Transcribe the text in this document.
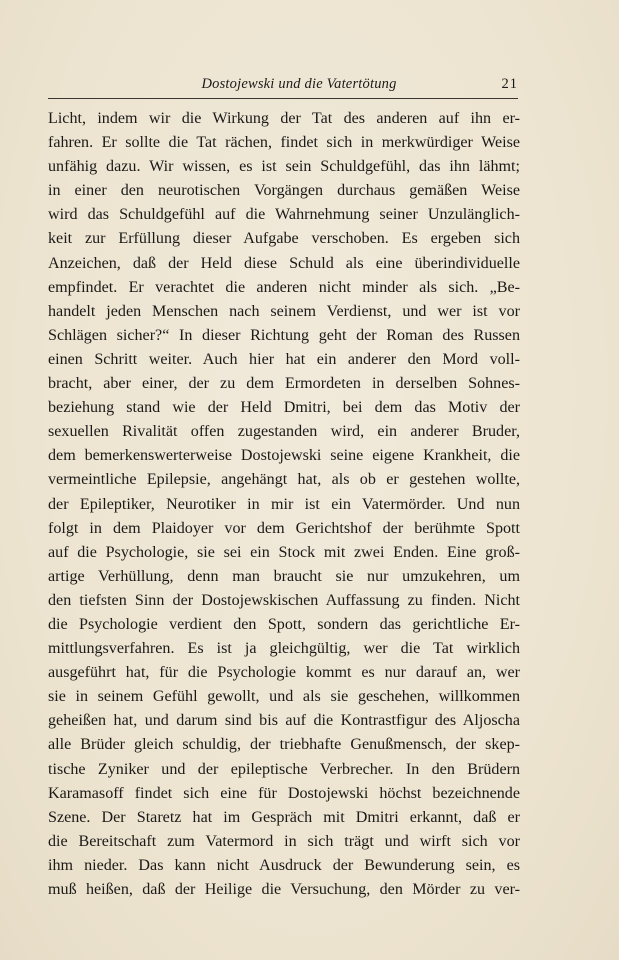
Dostojewski und die Vatertötung	21
Licht, indem wir die Wirkung der Tat des anderen auf ihn er-
fahren. Er sollte die Tat rächen, findet sich in merkwürdiger Weise
unfähig dazu. Wir wissen, es ist sein Schuldgefühl, das ihn lähmt;
in einer den neurotischen Vorgängen durchaus gemäßen Weise
wird das Schuldgefühl auf die Wahrnehmung seiner Unzulänglich-
keit zur Erfüllung dieser Aufgabe verschoben. Es ergeben sich
Anzeichen, daß der Held diese Schuld als eine überindividuelle
empfindet. Er verachtet die anderen nicht minder als sich. „Be-
handelt jeden Menschen nach seinem Verdienst, und wer ist vor
Schlägen sicher?“ In dieser Richtung geht der Roman des Russen
einen Schritt weiter. Auch hier hat ein anderer den Mord voll-
bracht, aber einer, der zu dem Ermordeten in derselben Sohnes-
beziehung stand wie der Held Dmitri, bei dem das Motiv der
sexuellen Rivalität offen zugestanden wird, ein anderer Bruder,
dem bemerkenswerterweise Dostojewski seine eigene Krankheit, die
vermeintliche Epilepsie, angehängt hat, als ob er gestehen wollte,
der Epileptiker, Neurotiker in mir ist ein Vatermörder. Und nun
folgt in dem Plaidoyer vor dem Gerichtshof der berühmte Spott
auf die Psychologie, sie sei ein Stock mit zwei Enden. Eine groß-
artige Verhüllung, denn man braucht sie nur umzukehren, um
den tiefsten Sinn der Dostojewskischen Auffassung zu finden. Nicht
die Psychologie verdient den Spott, sondern das gerichtliche Er-
mittlungsverfahren. Es ist ja gleichgültig, wer die Tat wirklich
ausgeführt hat, für die Psychologie kommt es nur darauf an, wer
sie in seinem Gefühl gewollt, und als sie geschehen, willkommen
geheißen hat, und darum sind bis auf die Kontrastfigur des Aljoscha
alle Brüder gleich schuldig, der triebhafte Genußmensch, der skep-
tische Zyniker und der epileptische Verbrecher. In den Brüdern
Karamasoff findet sich eine für Dostojewski höchst bezeichnende
Szene. Der Staretz hat im Gespräch mit Dmitri erkannt, daß er
die Bereitschaft zum Vatermord in sich trägt und wirft sich vor
ihm nieder. Das kann nicht Ausdruck der Bewunderung sein, es
muß heißen, daß der Heilige die Versuchung, den Mörder zu ver-
